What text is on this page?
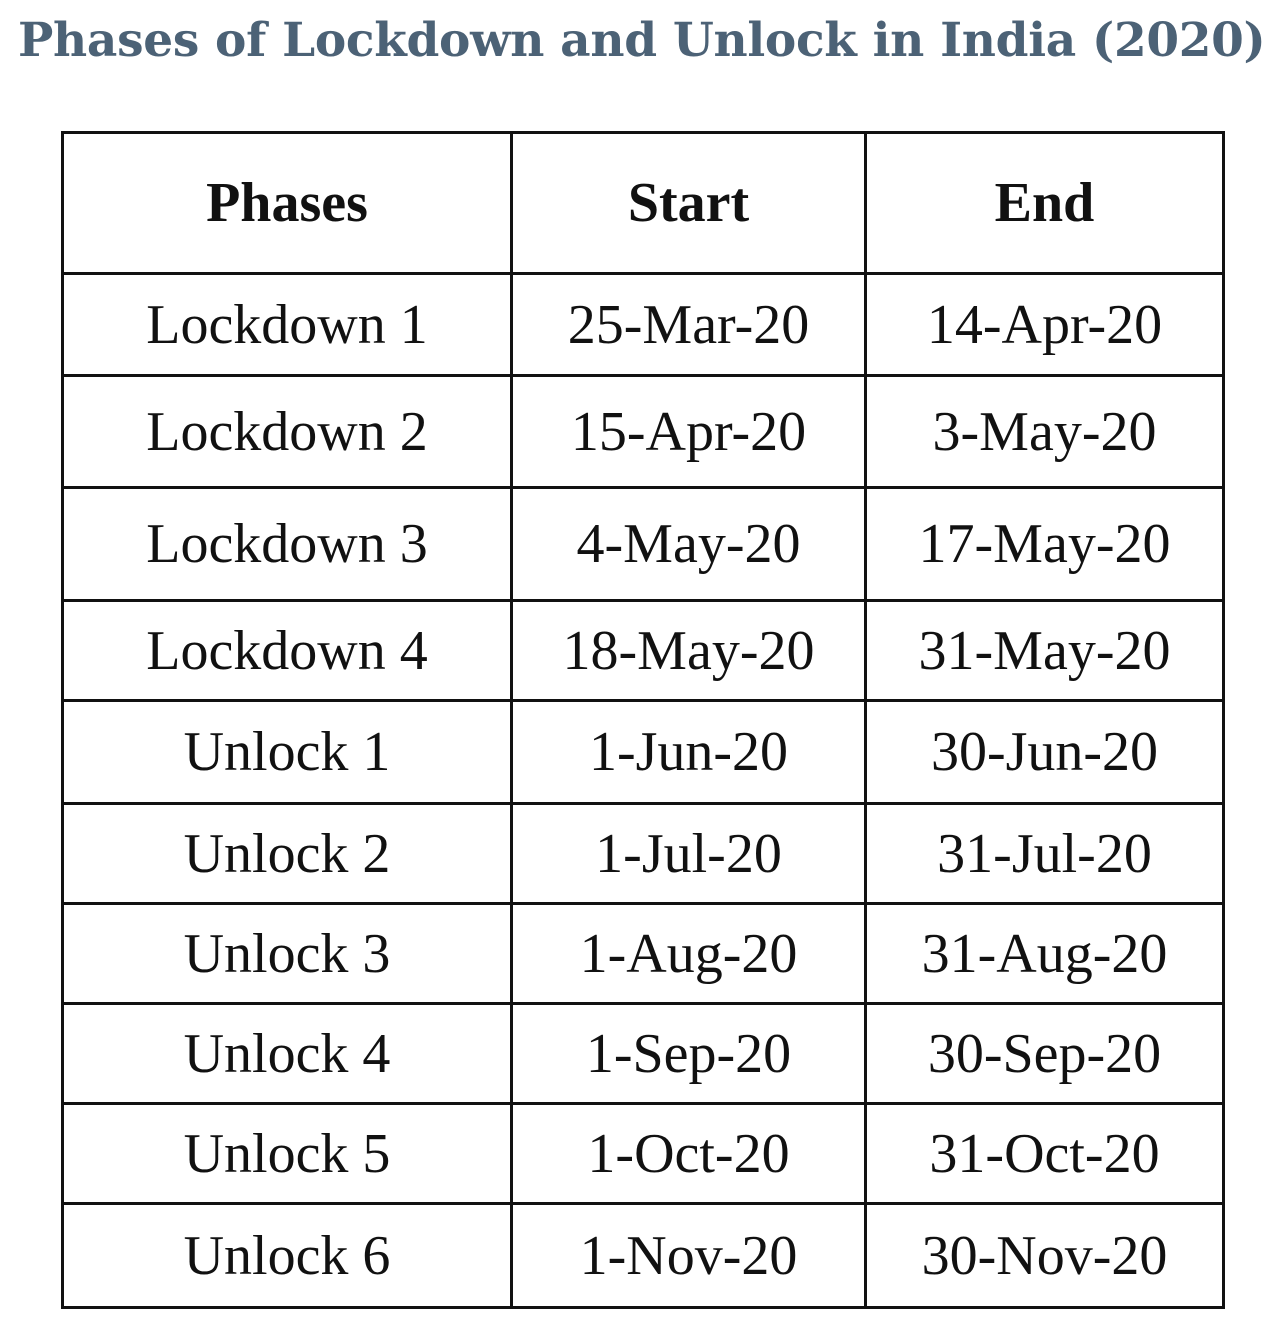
Phases of Lockdown and Unlock in India (2020)
Phases	Start	End
Lockdown 1	25-Mar-20	14-Apr-20
Lockdown 2	15-Apr-20	3-May-20
Lockdown 3	4-May-20	17-May-20
Lockdown 4	18-May-20	31-May-20
Unlock 1	1-Jun-20	30-Jun-20
Unlock 2	1-Jul-20	31-Jul-20
Unlock 3	1-Aug-20	31-Aug-20
Unlock 4	1-Sep-20	30-Sep-20
Unlock 5	1-Oct-20	31-Oct-20
Unlock 6	1-Nov-20	30-Nov-20
